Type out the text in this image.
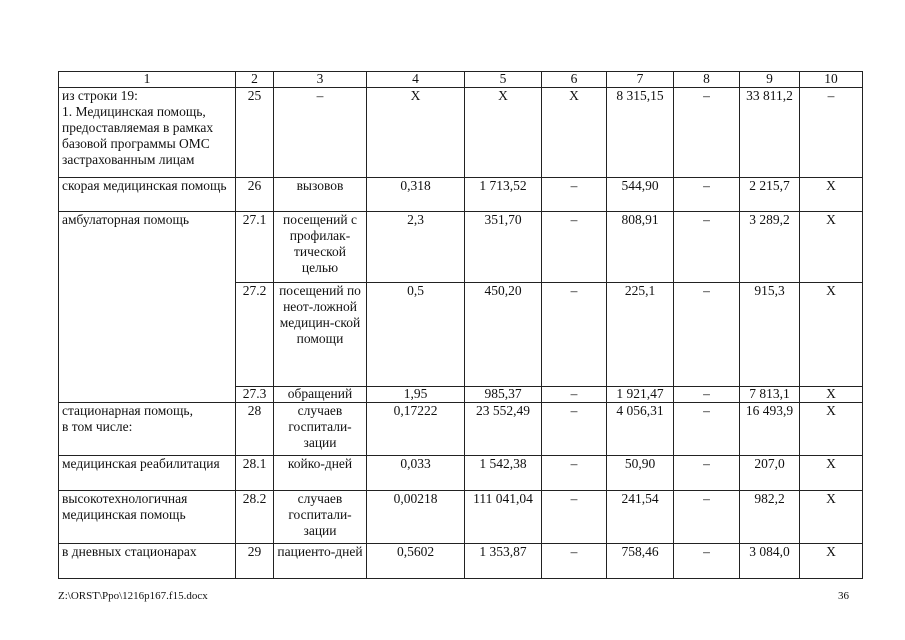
1	2	3	4	5	6	7	8	9	10

из строки 19:
1. Медицинская помощь, предоставляемая в рамках базовой программы ОМС застрахованным лицам	25	–	Х	Х	Х	8 315,15	–	33 811,2	–
скорая медицинская помощь	26	вызовов	0,318	1 713,52	–	544,90	–	2 215,7	Х
амбулаторная помощь	27.1	посещений с профилак-тической целью	2,3	351,70	–	808,91	–	3 289,2	Х
	27.2	посещений по неот-ложной медицин-ской помощи	0,5	450,20	–	225,1	–	915,3	Х
	27.3	обращений	1,95	985,37	–	1 921,47	–	7 813,1	Х

стационарная помощь,
в том числе:	28	случаев госпитали-зации	0,17222	23 552,49	–	4 056,31	–	16 493,9	Х
медицинская реабилитация	28.1	койко-дней	0,033	1 542,38	–	50,90	–	207,0	Х
высокотехнологичная медицинская помощь	28.2	случаев госпитали-зации	0,00218	111 041,04	–	241,54	–	982,2	Х
в дневных стационарах	29	пациенто-дней	0,5602	1 353,87	–	758,46	–	3 084,0	Х
Z:\ORST\Ppo\1216p167.f15.docx	36
